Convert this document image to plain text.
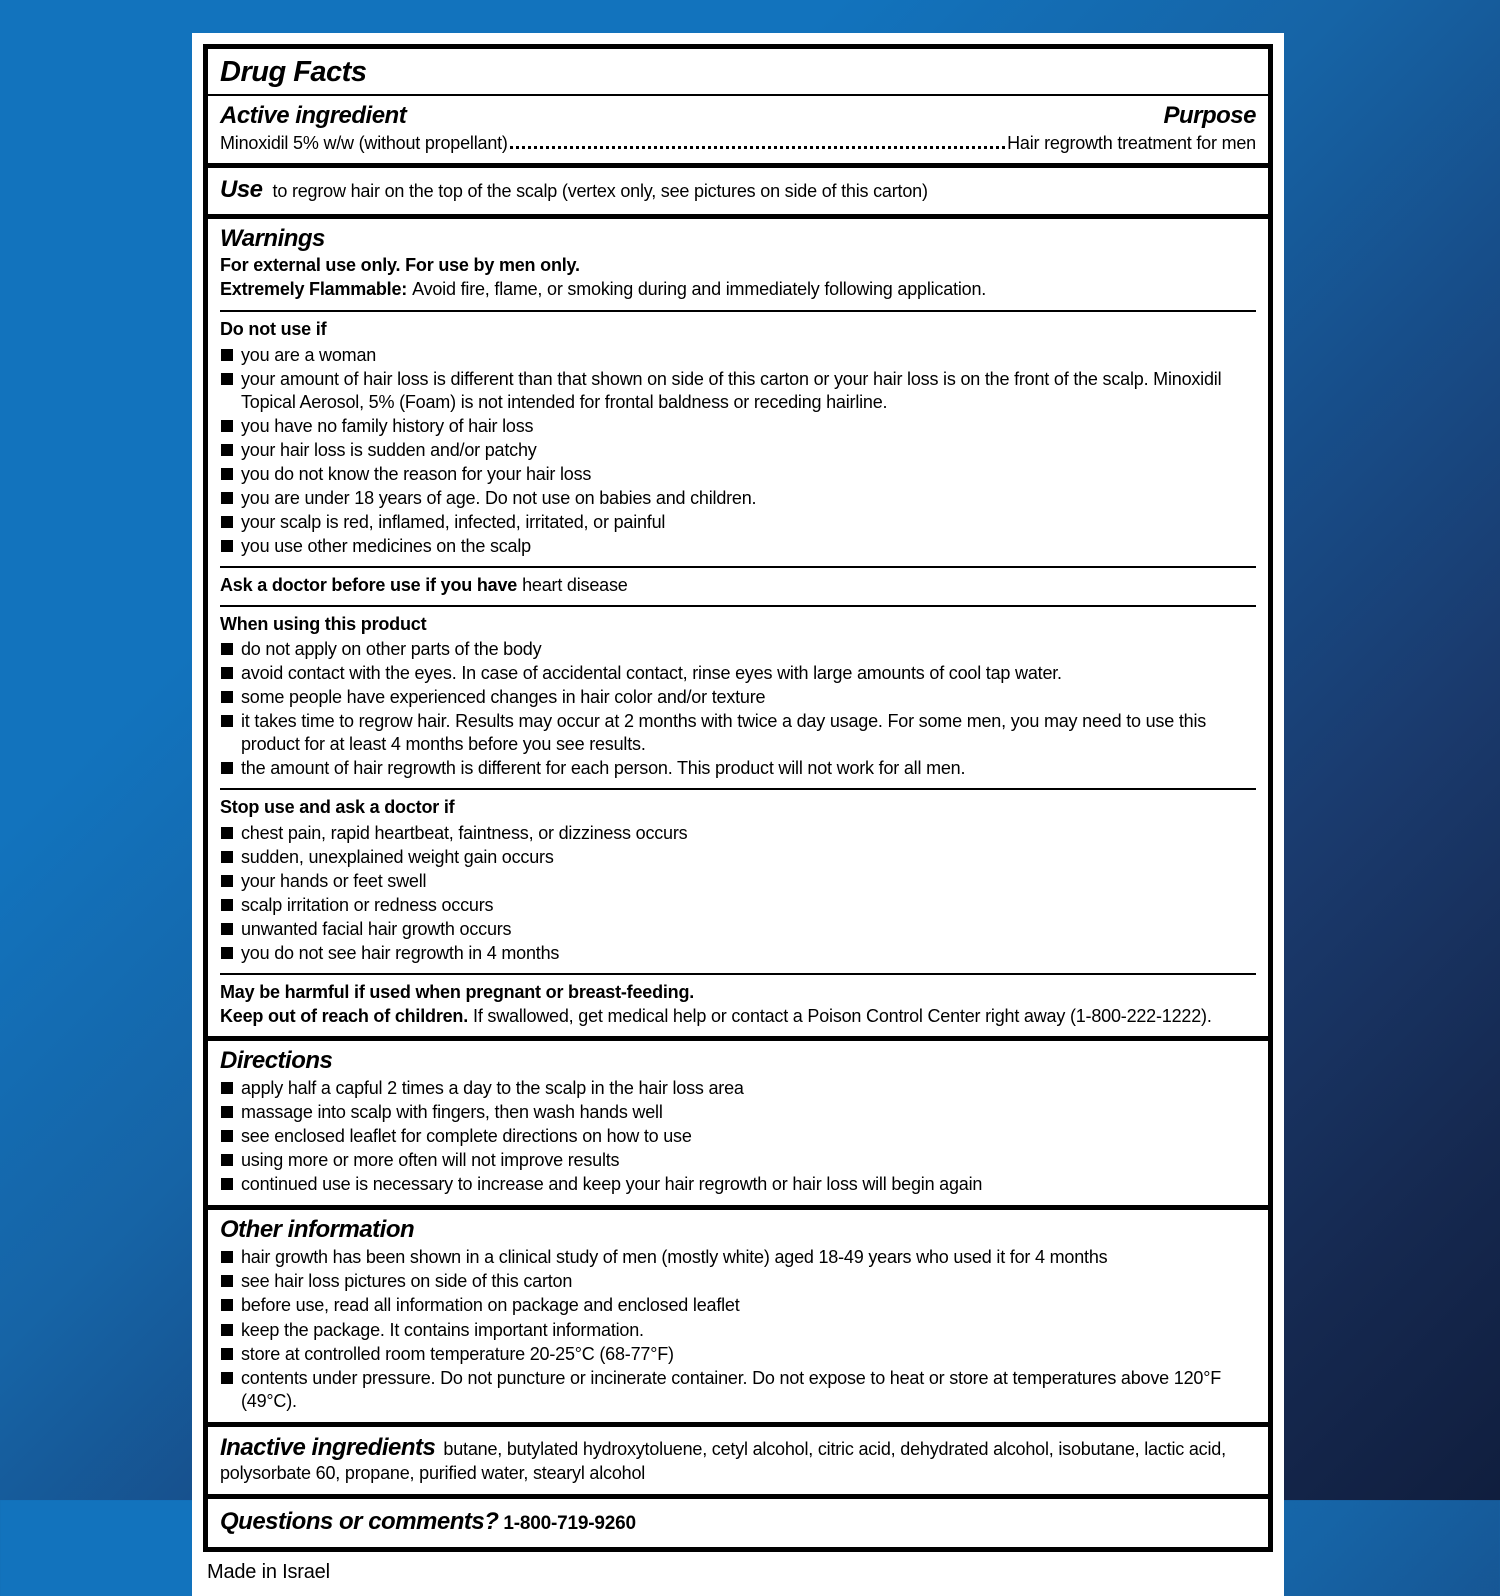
Drug Facts
Active ingredient	Purpose
Minoxidil 5% w/w (without propellant)	Hair regrowth treatment for men
Use to regrow hair on the top of the scalp (vertex only, see pictures on side of this carton)
Warnings
For external use only. For use by men only.
Extremely Flammable: Avoid fire, flame, or smoking during and immediately following application.
Do not use if
you are a woman
your amount of hair loss is different than that shown on side of this carton or your hair loss is on the front of the scalp. Minoxidil Topical Aerosol, 5% (Foam) is not intended for frontal baldness or receding hairline.
you have no family history of hair loss
your hair loss is sudden and/or patchy
you do not know the reason for your hair loss
you are under 18 years of age. Do not use on babies and children.
your scalp is red, inflamed, infected, irritated, or painful
you use other medicines on the scalp
Ask a doctor before use if you have heart disease
When using this product
do not apply on other parts of the body
avoid contact with the eyes. In case of accidental contact, rinse eyes with large amounts of cool tap water.
some people have experienced changes in hair color and/or texture
it takes time to regrow hair. Results may occur at 2 months with twice a day usage. For some men, you may need to use this product for at least 4 months before you see results.
the amount of hair regrowth is different for each person. This product will not work for all men.
Stop use and ask a doctor if
chest pain, rapid heartbeat, faintness, or dizziness occurs
sudden, unexplained weight gain occurs
your hands or feet swell
scalp irritation or redness occurs
unwanted facial hair growth occurs
you do not see hair regrowth in 4 months
May be harmful if used when pregnant or breast-feeding.
Keep out of reach of children. If swallowed, get medical help or contact a Poison Control Center right away (1-800-222-1222).
Directions
apply half a capful 2 times a day to the scalp in the hair loss area
massage into scalp with fingers, then wash hands well
see enclosed leaflet for complete directions on how to use
using more or more often will not improve results
continued use is necessary to increase and keep your hair regrowth or hair loss will begin again
Other information
hair growth has been shown in a clinical study of men (mostly white) aged 18-49 years who used it for 4 months
see hair loss pictures on side of this carton
before use, read all information on package and enclosed leaflet
keep the package. It contains important information.
store at controlled room temperature 20-25°C (68-77°F)
contents under pressure. Do not puncture or incinerate container. Do not expose to heat or store at temperatures above 120°F (49°C).
Inactive ingredients butane, butylated hydroxytoluene, cetyl alcohol, citric acid, dehydrated alcohol, isobutane, lactic acid, polysorbate 60, propane, purified water, stearyl alcohol
Questions or comments? 1-800-719-9260
Made in Israel
